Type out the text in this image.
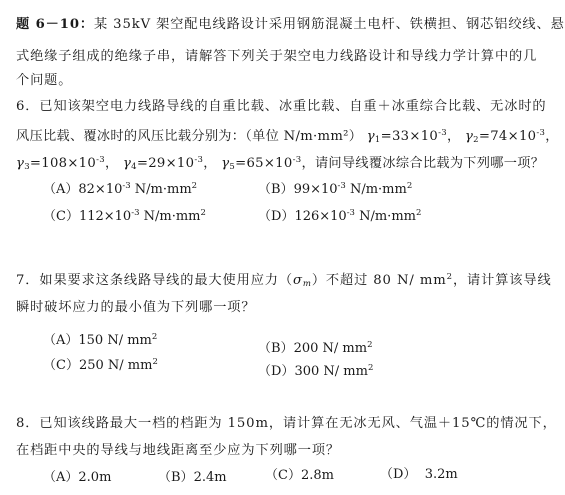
题 6－10：某 35kV 架空配电线路设计采用钢筋混凝土电杆、铁横担、钢芯铝绞线、悬
式绝缘子组成的绝缘子串，请解答下列关于架空电力线路设计和导线力学计算中的几
个问题。
6．已知该架空电力线路导线的自重比载、冰重比载、自重＋冰重综合比载、无冰时的
风压比载、覆冰时的风压比载分别为：（单位 N/m·mm²） $\gamma_1=33\times 10^{-3}$， $\gamma_2=74\times 10^{-3}$，
$\gamma_3=108\times 10^{-3}$， $\gamma_4=29\times 10^{-3}$， $\gamma_5=65\times 10^{-3}$，请问导线覆冰综合比载为下列哪一项？
$(A)82\times 10^{-3}$ $N/m\cdot mm^2$	$(B)99\times 10^{-3}$ $N/m\cdot mm^2$
$(C)112\times 10^{-3}$ $N/m\cdot mm^2$	$(D)126\times 10^{-3}$ $N/m\cdot mm^2$
7．如果要求这条线路导线的最大使用应力$(\sigma_m)$不超过 80 N/ $mm^2$，请计算该导线
瞬时破坏应力的最小值为下列哪一项？
（A）150 N/ $mm^2$
（B）200 N/ $mm^2$
（C）250 N/ $mm^2$
（D）300 N/ $mm^2$
8．已知该线路最大一档的档距为 150m，请计算在无冰无风、气温＋15℃的情况下，
在档距中央的导线与地线距离至少应为下列哪一项？
（A）2.0m	（B）2.4m	（C）2.8m	（D） 3.2m
